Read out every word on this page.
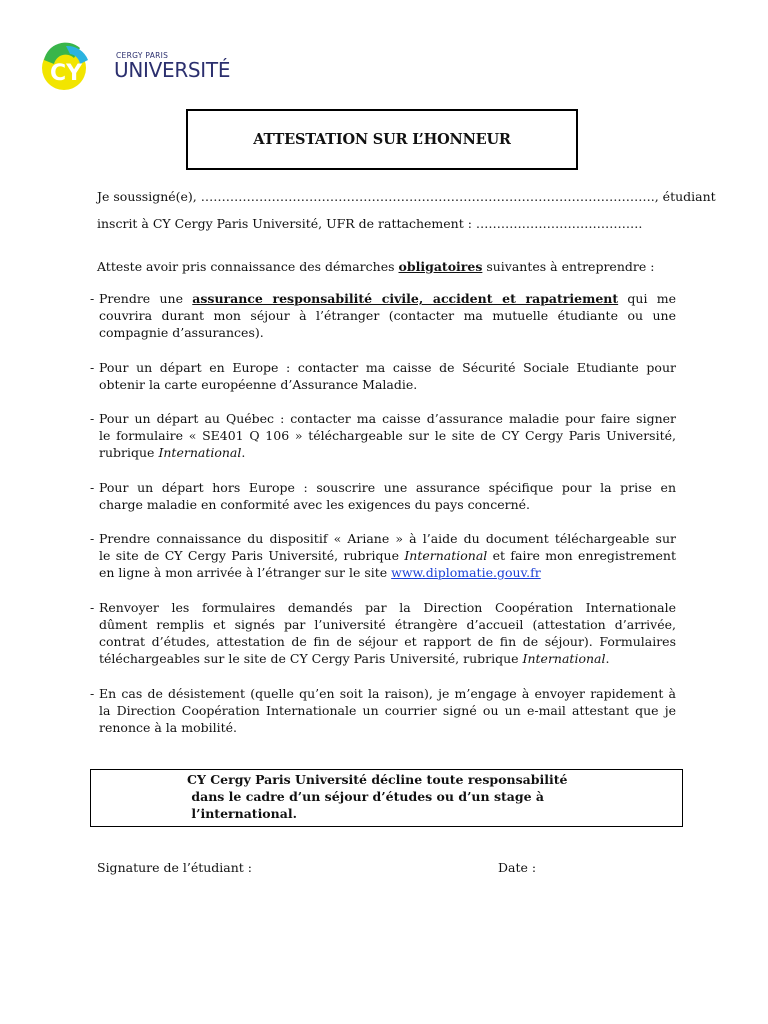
CY
CERGY PARIS
UNIVERSITÉ
ATTESTATION SUR L’HONNEUR
Je soussigné(e), ………………………………………………………………………………………………., étudiant
inscrit à CY Cergy Paris Université, UFR de rattachement : ………………………………….
Atteste avoir pris connaissance des démarches obligatoires suivantes à entreprendre :
- Prendre une assurance responsabilité civile, accident et rapatriement qui me
couvrira durant mon séjour à l’étranger (contacter ma mutuelle étudiante ou une
compagnie d’assurances).
- Pour un départ en Europe : contacter ma caisse de Sécurité Sociale Etudiante pour
obtenir la carte européenne d’Assurance Maladie.
- Pour un départ au Québec : contacter ma caisse d’assurance maladie pour faire signer
le formulaire « SE401 Q 106 » téléchargeable sur le site de CY Cergy Paris Université,
rubrique International.
- Pour un départ hors Europe : souscrire une assurance spécifique pour la prise en
charge maladie en conformité avec les exigences du pays concerné.
- Prendre connaissance du dispositif « Ariane » à l’aide du document téléchargeable sur
le site de CY Cergy Paris Université, rubrique International et faire mon enregistrement
en ligne à mon arrivée à l’étranger sur le site www.diplomatie.gouv.fr
- Renvoyer les formulaires demandés par la Direction Coopération Internationale
dûment remplis et signés par l’université étrangère d’accueil (attestation d’arrivée,
contrat d’études, attestation de fin de séjour et rapport de fin de séjour). Formulaires
téléchargeables sur le site de CY Cergy Paris Université, rubrique International.
- En cas de désistement (quelle qu’en soit la raison), je m’engage à envoyer rapidement à
la Direction Coopération Internationale un courrier signé ou un e-mail attestant que je
renonce à la mobilité.
CY Cergy Paris Université décline toute responsabilité
dans le cadre d’un séjour d’études ou d’un stage à
l’international.
Signature de l’étudiant :	Date :
